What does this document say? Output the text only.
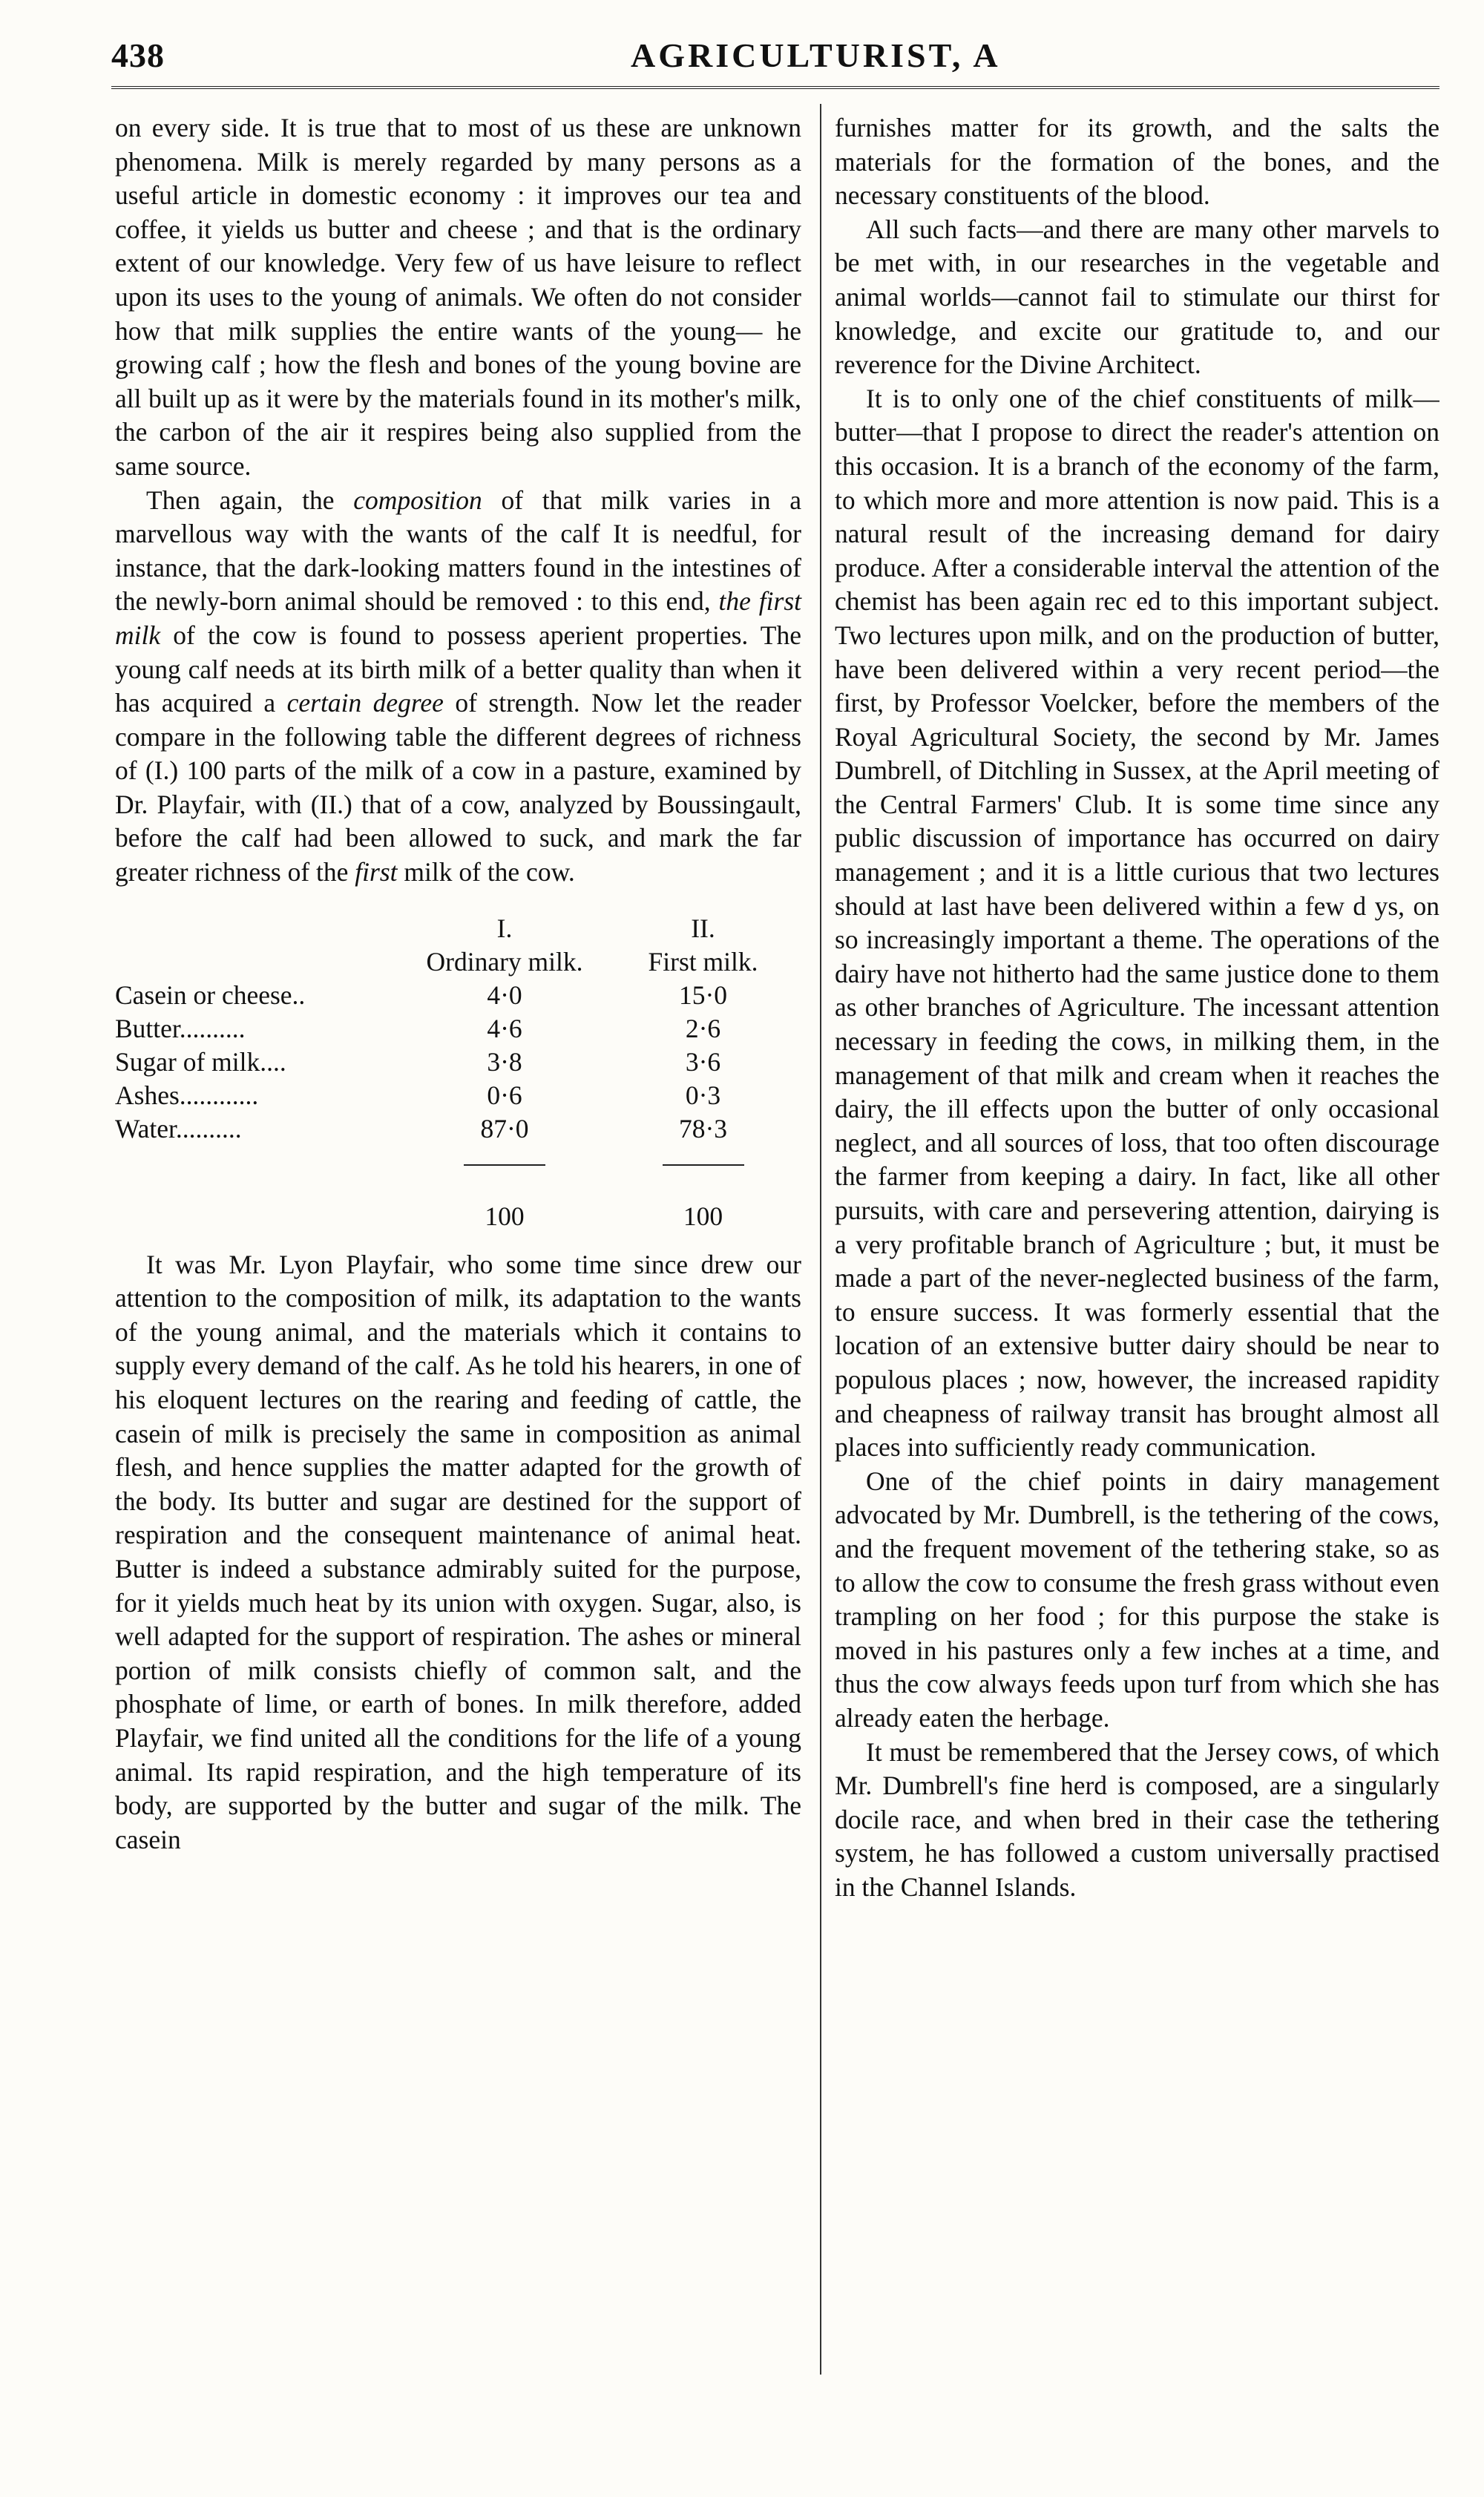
438	AGRICULTURIST, A

on every side. It is true that to most of us these are unknown phenomena. Milk is merely regarded by many persons as a useful article in domestic economy : it improves our tea and coffee, it yields us butter and cheese ; and that is the ordinary extent of our knowledge. Very few of us have leisure to reflect upon its uses to the young of animals. We often do not consider how that milk supplies the entire wants of the young— he growing calf ; how the flesh and bones of the young bovine are all built up as it were by the materials found in its mother's milk, the carbon of the air it respires being also supplied from the same source.

Then again, the composition of that milk varies in a marvellous way with the wants of the calf It is needful, for instance, that the dark-looking matters found in the intestines of the newly-born animal should be removed : to this end, the first milk of the cow is found to possess aperient properties. The young calf needs at its birth milk of a better quality than when it has acquired a certain degree of strength. Now let the reader compare in the following table the different degrees of richness of (I.) 100 parts of the milk of a cow in a pasture, examined by Dr. Playfair, with (II.) that of a cow, analyzed by Boussingault, before the calf had been allowed to suck, and mark the far greater richness of the first milk of the cow.

	I.	II.
	Ordinary milk.	First milk.
Casein or cheese..	4·0	15·0
Butter..........	4·6	2·6
Sugar of milk....	3·8	3·6
Ashes............	0·6	0·3
Water..........	87·0	78·3

	100	100

It was Mr. Lyon Playfair, who some time since drew our attention to the composition of milk, its adaptation to the wants of the young animal, and the materials which it contains to supply every demand of the calf. As he told his hearers, in one of his eloquent lectures on the rearing and feeding of cattle, the casein of milk is precisely the same in composition as animal flesh, and hence supplies the matter adapted for the growth of the body. Its butter and sugar are destined for the support of respiration and the consequent maintenance of animal heat. Butter is indeed a substance admirably suited for the purpose, for it yields much heat by its union with oxygen. Sugar, also, is well adapted for the support of respiration. The ashes or mineral portion of milk consists chiefly of common salt, and the phosphate of lime, or earth of bones. In milk therefore, added Playfair, we find united all the conditions for the life of a young animal. Its rapid respiration, and the high temperature of its body, are supported by the butter and sugar of the milk. The casein

furnishes matter for its growth, and the salts the materials for the formation of the bones, and the necessary constituents of the blood.

All such facts—and there are many other marvels to be met with, in our researches in the vegetable and animal worlds—cannot fail to stimulate our thirst for knowledge, and excite our gratitude to, and our reverence for the Divine Architect.

It is to only one of the chief constituents of milk—butter—that I propose to direct the reader's attention on this occasion. It is a branch of the economy of the farm, to which more and more attention is now paid. This is a natural result of the increasing demand for dairy produce. After a considerable interval the attention of the chemist has been again rec ed to this important subject. Two lectures upon milk, and on the production of butter, have been delivered within a very recent period—the first, by Professor Voelcker, before the members of the Royal Agricultural Society, the second by Mr. James Dumbrell, of Ditchling in Sussex, at the April meeting of the Central Farmers' Club. It is some time since any public discussion of importance has occurred on dairy management ; and it is a little curious that two lectures should at last have been delivered within a few d ys, on so increasingly important a theme. The operations of the dairy have not hitherto had the same justice done to them as other branches of Agriculture. The incessant attention necessary in feeding the cows, in milking them, in the management of that milk and cream when it reaches the dairy, the ill effects upon the butter of only occasional neglect, and all sources of loss, that too often discourage the farmer from keeping a dairy. In fact, like all other pursuits, with care and persevering attention, dairying is a very profitable branch of Agriculture ; but, it must be made a part of the never-neglected business of the farm, to ensure success. It was formerly essential that the location of an extensive butter dairy should be near to populous places ; now, however, the increased rapidity and cheapness of railway transit has brought almost all places into sufficiently ready communication.

One of the chief points in dairy management advocated by Mr. Dumbrell, is the tethering of the cows, and the frequent movement of the tethering stake, so as to allow the cow to consume the fresh grass without even trampling on her food ; for this purpose the stake is moved in his pastures only a few inches at a time, and thus the cow always feeds upon turf from which she has already eaten the herbage.

It must be remembered that the Jersey cows, of which Mr. Dumbrell's fine herd is composed, are a singularly docile race, and when bred in their case the tethering system, he has followed a custom universally practised in the Channel Islands.
